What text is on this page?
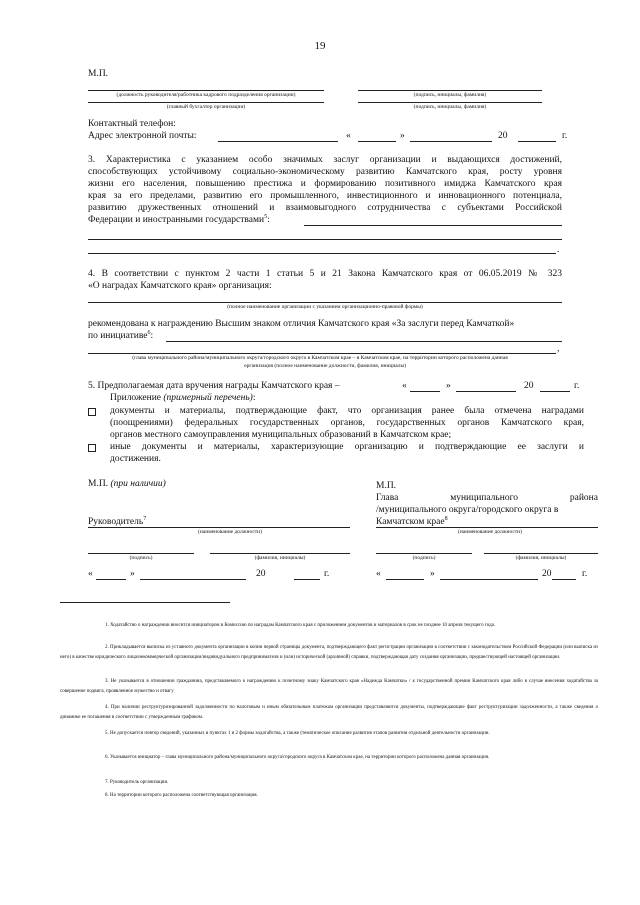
19
М.П.
(должность руководителя/работника кадрового подразделения организации)	(подпись, инициалы, фамилия)
(главный бухгалтер организации)	(подпись, инициалы, фамилия)
Контактный телефон:
Адрес электронной почты:	«	»	20	г.
3. Характеристика с указанием особо значимых заслуг организации и выдающихся достижений,
способствующих устойчивому социально-экономическому развитию Камчатского края, росту уровня
жизни его населения, повышению престижа и формированию позитивного имиджа Камчатского края
края за его пределами, развитию его промышленного, инвестиционного и инновационного потенциала,
развитию дружественных отношений и взаимовыгодного сотрудничества с субъектами Российской
Федерации и иностранными государствами$^5$:
.
4. В соответствии с пунктом 2 части 1 статьи 5 и 21 Закона Камчатского края от 06.05.2019 № 323
«О наградах Камчатского края» организация:
(полное наименование организации с указанием организационно-правовой формы)
рекомендована к награждению Высшим знаком отличия Камчатского края «За заслуги перед Камчаткой»
по инициативе$^6$:
,
(глава муниципального района/муниципального округа/городского округа в Камчатском крае – в Камчатском крае, на территории которого расположена данная
организация (полное наименование должности, фамилия, инициалы)
5. Предполагаемая дата вручения награды Камчатского края –	«	»	20	г.
Приложение (примерный перечень):
документы и материалы, подтверждающие факт, что организация ранее была отмечена наградами
(поощрениями) федеральных государственных органов, государственных органов Камчатского края,
органов местного самоуправления муниципальных образований в Камчатском крае;
иные документы и материалы, характеризующие организацию и подтверждающие ее заслуги и
достижения.
М.П. (при наличии)	М.П.
Глава	муниципального	района
/муниципального округа/городского округа в
Камчатском крае$^8$
Руководитель$^7$
(наименование должности)	(наименование должности)
(подпись)	(фамилия, инициалы)	(подпись)	(фамилия, инициалы)
«	»	20	г.	«	»	20	г.
1. Ходатайство о награждении вносится инициатором в Комиссию по наградам Камчатского края с приложением документов и материалов в срок не позднее 10 апреля текущего года.
2. Прикладывается выписка из уставного документа организации в копии первой страницы документа, подтверждающего факт регистрации организации в соответствии с законодательством Российской Федерации (или выписка из него) в качестве юридического лица/некоммерческой организации/индивидуального предпринимателя и (или) исторической (архивной) справки, подтверждающая дату создания организации, предшествующей настоящей организации.
3. Не указывается в отношении гражданина, представляемого к награждению к почетному знаку Камчатского края «Надежда Камчатки» / к государственной премии Камчатского края либо в случае внесения ходатайства за совершение подвига, проявленное мужество и отвагу
4. При наличии реструктуризированной задолженности по налоговым и иным обязательным платежам организации представляются документы, подтверждающие факт реструктуризации задолженности, а также сведения о динамике ее погашения в соответствии с утвержденным графиком.
5. Не допускается повтор сведений, указанных в пунктах 1 и 2 формы ходатайства, а также (тематическое описание развития этапов развития отдельной деятельности организации.
6. Указывается инициатор – глава муниципального района/муниципального округа/городского округа в Камчатском крае, на территории которого расположена данная организация.
7. Руководитель организации.
8. На территории которого расположена соответствующая организация.
